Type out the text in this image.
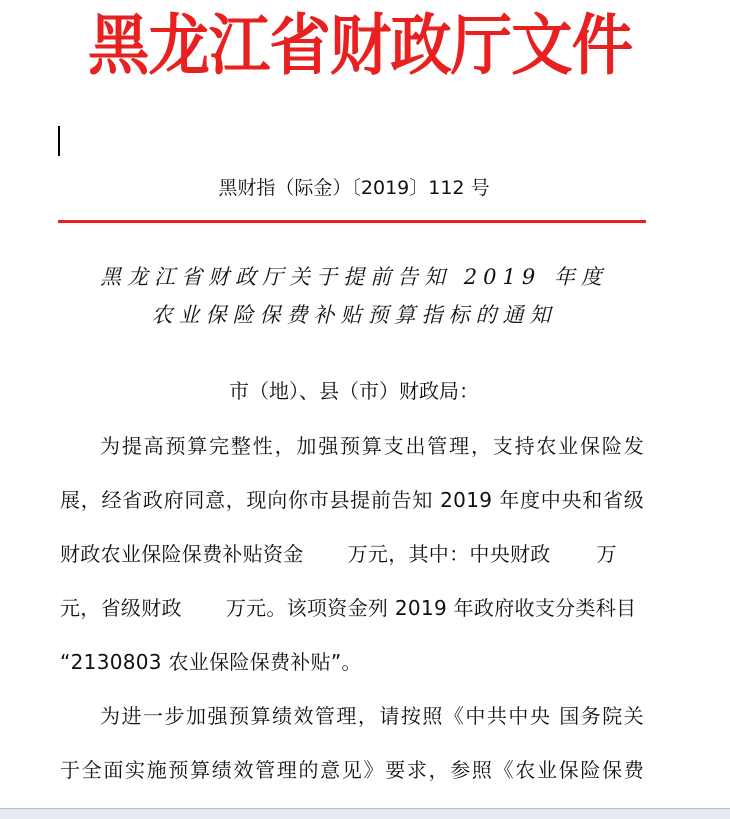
黑龙江省财政厅文件
黑财指（际金）〔2019〕112 号
黑龙江省财政厅关于提前告知 2019 年度
农业保险保费补贴预算指标的通知
市（地）、县（市）财政局：
为提高预算完整性，加强预算支出管理，支持农业保险发
展，经省政府同意，现向你市县提前告知 2019 年度中央和省级
财政农业保险保费补贴资金 万元，其中：中央财政 万
元，省级财政 万元。该项资金列 2019 年政府收支分类科目
“2130803 农业保险保费补贴”。
为进一步加强预算绩效管理，请按照《中共中央 国务院关
于全面实施预算绩效管理的意见》要求，参照《农业保险保费
